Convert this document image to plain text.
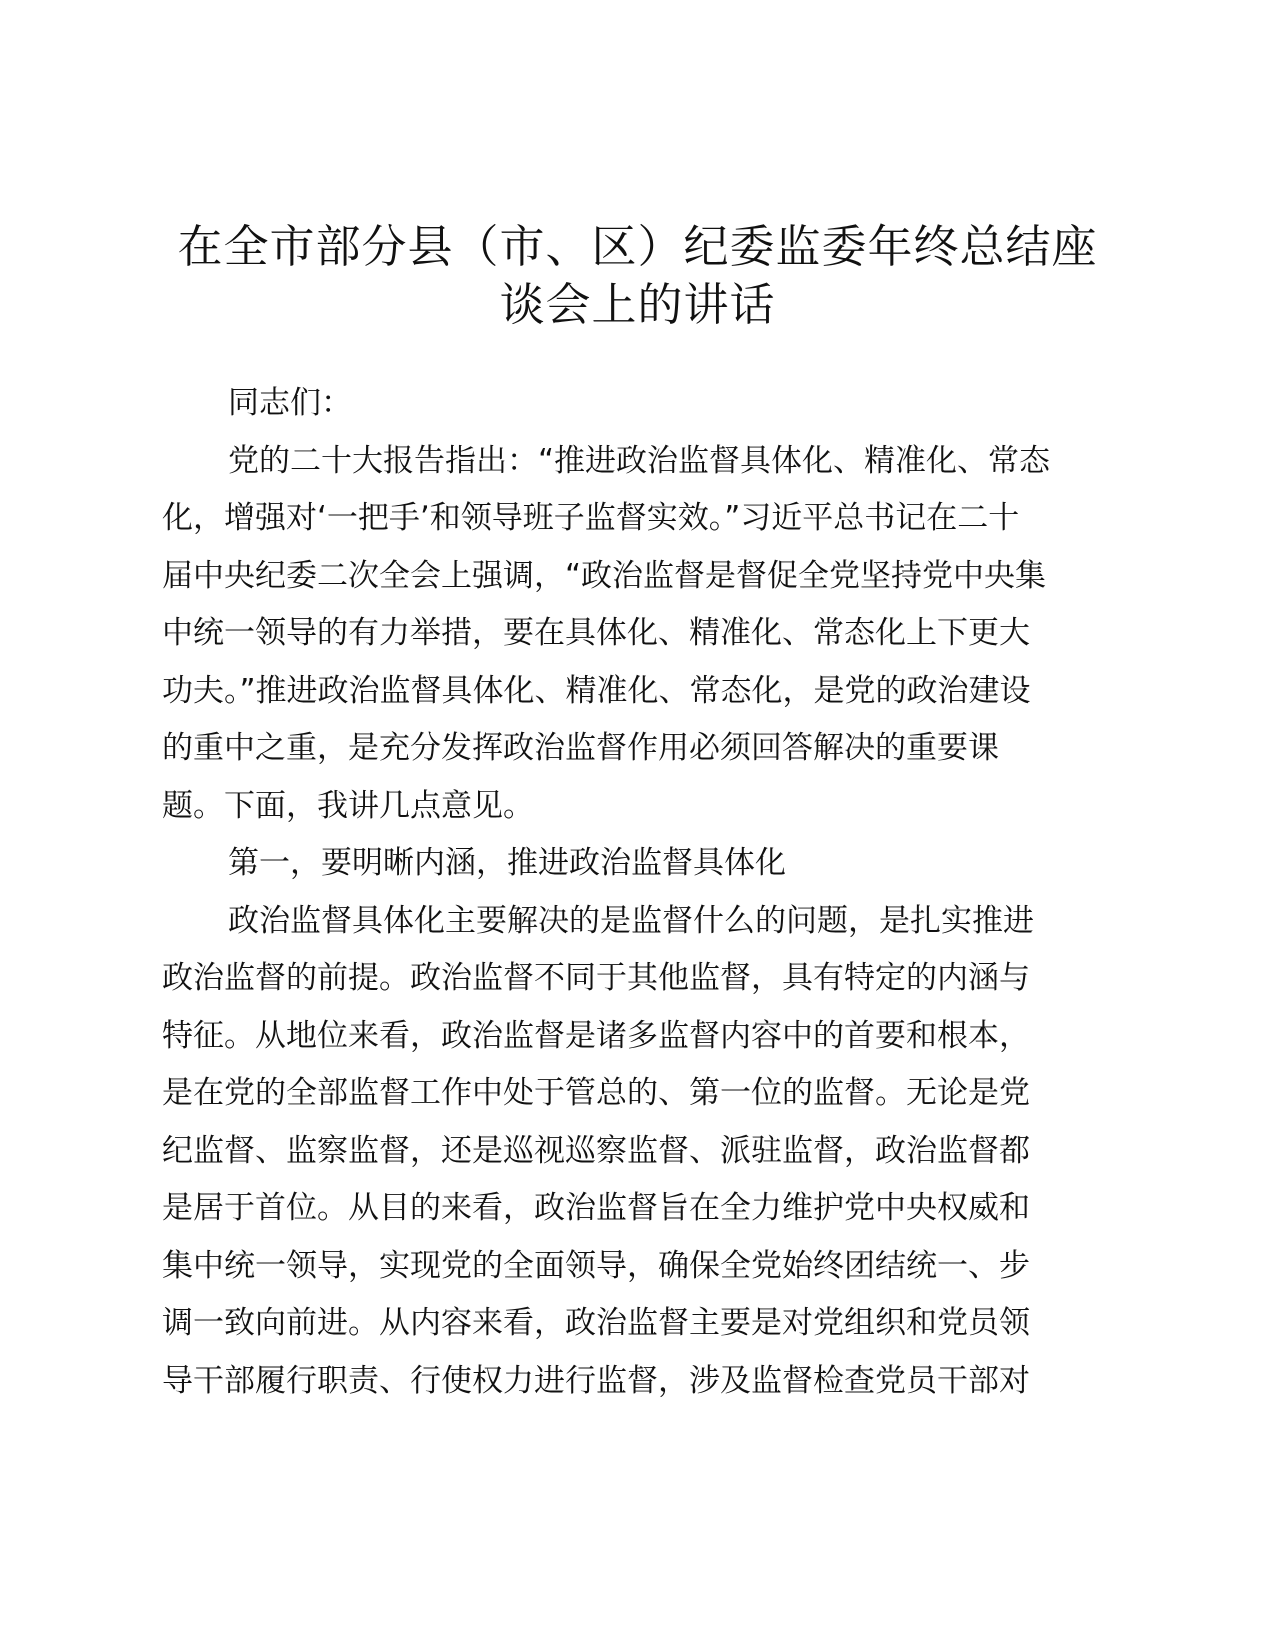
在全市部分县（市、区）纪委监委年终总结座
谈会上的讲话

同志们：

党的二十大报告指出：“推进政治监督具体化、精准化、常态
化，增强对‘一把手’和领导班子监督实效。”习近平总书记在二十
届中央纪委二次全会上强调，“政治监督是督促全党坚持党中央集
中统一领导的有力举措，要在具体化、精准化、常态化上下更大
功夫。”推进政治监督具体化、精准化、常态化，是党的政治建设
的重中之重，是充分发挥政治监督作用必须回答解决的重要课
题。下面，我讲几点意见。

第一，要明晰内涵，推进政治监督具体化

政治监督具体化主要解决的是监督什么的问题，是扎实推进
政治监督的前提。政治监督不同于其他监督，具有特定的内涵与
特征。从地位来看，政治监督是诸多监督内容中的首要和根本，
是在党的全部监督工作中处于管总的、第一位的监督。无论是党
纪监督、监察监督，还是巡视巡察监督、派驻监督，政治监督都
是居于首位。从目的来看，政治监督旨在全力维护党中央权威和
集中统一领导，实现党的全面领导，确保全党始终团结统一、步
调一致向前进。从内容来看，政治监督主要是对党组织和党员领
导干部履行职责、行使权力进行监督，涉及监督检查党员干部对
